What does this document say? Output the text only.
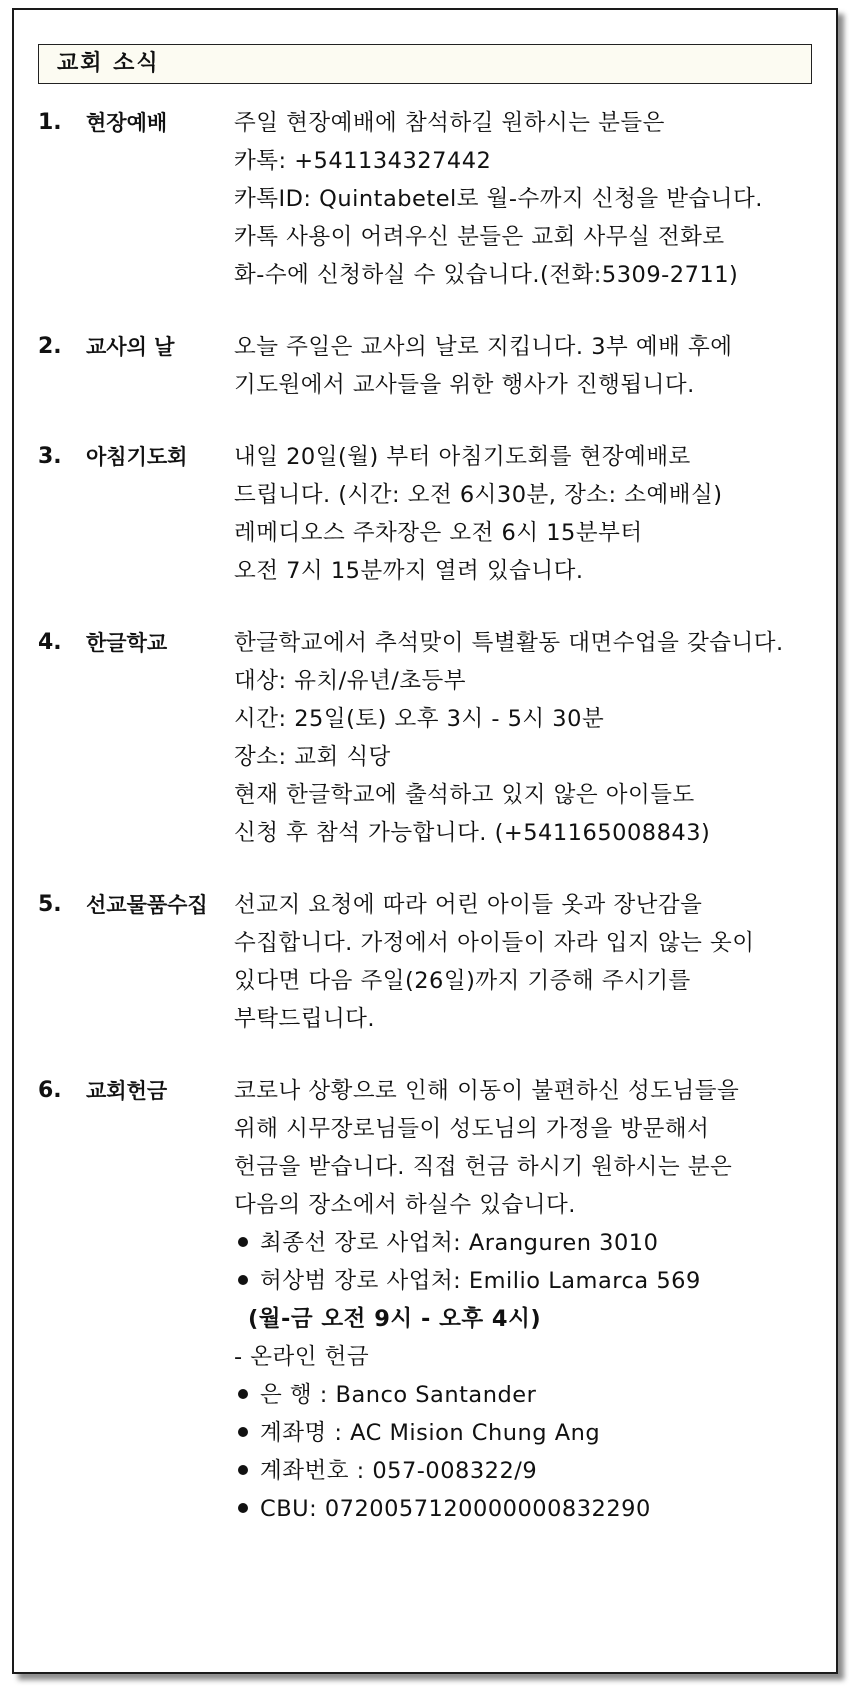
교회 소식
1.	현장예배	주일 현장예배에 참석하길 원하시는 분들은
카톡: +541134327442
카톡ID: Quintabetel로 월-수까지 신청을 받습니다.
카톡 사용이 어려우신 분들은 교회 사무실 전화로
화-수에 신청하실 수 있습니다.(전화:5309-2711)
2.	교사의 날	오늘 주일은 교사의 날로 지킵니다. 3부 예배 후에
기도원에서 교사들을 위한 행사가 진행됩니다.
3.	아침기도회	내일 20일(월) 부터 아침기도회를 현장예배로
드립니다. (시간: 오전 6시30분, 장소: 소예배실)
레메디오스 주차장은 오전 6시 15분부터
오전 7시 15분까지 열려 있습니다.
4.	한글학교	한글학교에서 추석맞이 특별활동 대면수업을 갖습니다.
대상: 유치/유년/초등부
시간: 25일(토) 오후 3시 - 5시 30분
장소: 교회 식당
현재 한글학교에 출석하고 있지 않은 아이들도
신청 후 참석 가능합니다. (+541165008843)
5.	선교물품수집	선교지 요청에 따라 어린 아이들 옷과 장난감을
수집합니다. 가정에서 아이들이 자라 입지 않는 옷이
있다면 다음 주일(26일)까지 기증해 주시기를
부탁드립니다.
6.	교회헌금	코로나 상황으로 인해 이동이 불편하신 성도님들을
위해 시무장로님들이 성도님의 가정을 방문해서
헌금을 받습니다. 직접 헌금 하시기 원하시는 분은
다음의 장소에서 하실수 있습니다.
최종선 장로 사업처: Aranguren 3010
허상범 장로 사업처: Emilio Lamarca 569
(월-금 오전 9시 - 오후 4시)
- 온라인 헌금
은 행 : Banco Santander
계좌명 : AC Mision Chung Ang
계좌번호 : 057-008322/9
CBU: 0720057120000000832290
